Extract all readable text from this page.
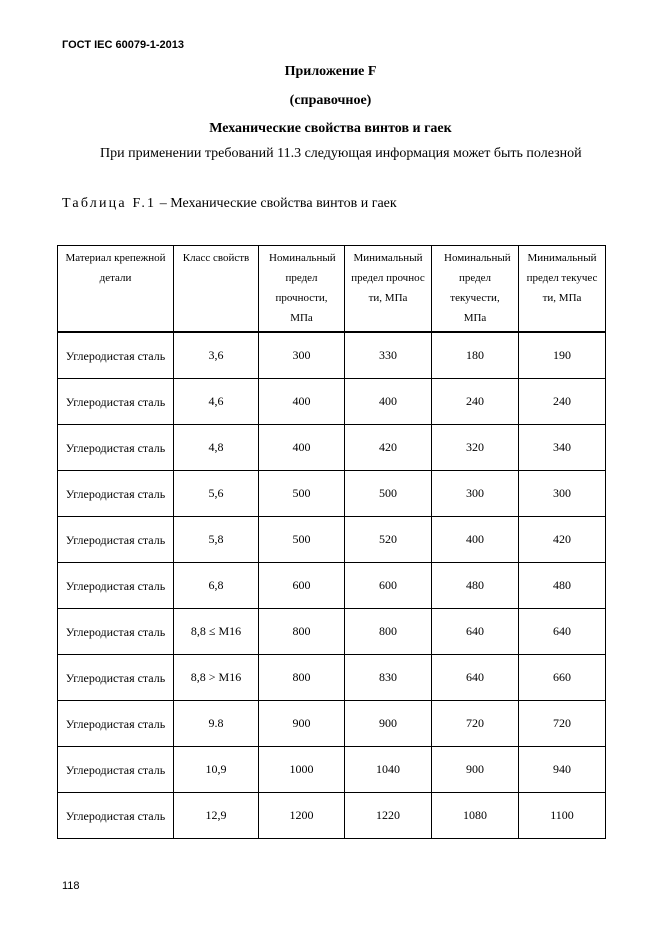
ГОСТ IEC 60079-1-2013
Приложение F
(справочное)
Механические свойства винтов и гаек
При применении требований 11.3 следующая информация может быть полезной
Таблица F.1 – Механические свойства винтов и гаек
Материал крепежной детали	Класс свойств	Номинальный предел прочности, МПа	Минимальный предел прочности, МПа	Номинальный предел текучести, МПа	Минимальный предел текучести, МПа
Углеродистая сталь	3,6	300	330	180	190
Углеродистая сталь	4,6	400	400	240	240
Углеродистая сталь	4,8	400	420	320	340
Углеродистая сталь	5,6	500	500	300	300
Углеродистая сталь	5,8	500	520	400	420
Углеродистая сталь	6,8	600	600	480	480
Углеродистая сталь	8,8 ≤ M16	800	800	640	640
Углеродистая сталь	8,8 > M16	800	830	640	660
Углеродистая сталь	9.8	900	900	720	720
Углеродистая сталь	10,9	1000	1040	900	940
Углеродистая сталь	12,9	1200	1220	1080	1100
118
